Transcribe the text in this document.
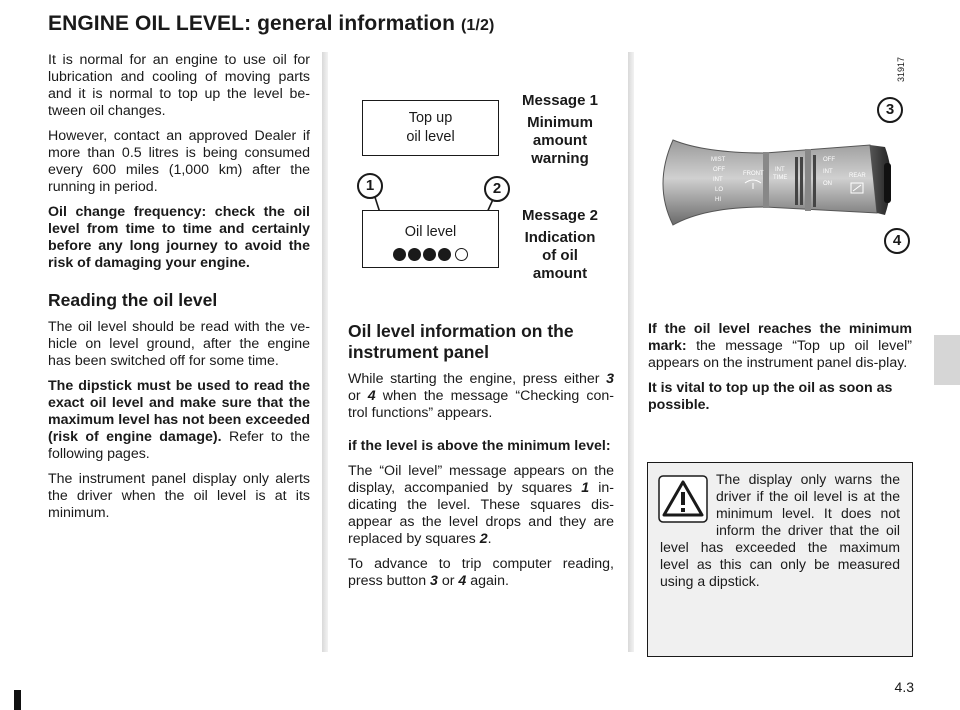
ENGINE OIL LEVEL: general information (1/2)

It is normal for an engine to use oil for lubrication and cooling of moving parts and it is normal to top up the level be-tween oil changes.

However, contact an approved Dealer if more than 0.5 litres is being consumed every 600 miles (1,000 km) after the running in period.

Oil change frequency: check the oil level from time to time and certainly before any long journey to avoid the risk of damaging your engine.

Reading the oil level

The oil level should be read with the ve-hicle on level ground, after the engine has been switched off for some time.

The dipstick must be used to read the exact oil level and make sure that the maximum level has not been exceeded (risk of engine damage). Refer to the following pages.

The instrument panel display only alerts the driver when the oil level is at its minimum.

Top up
oil level
Message 1
Minimum
amount
warning
1	2
Oil level
Message 2
Indication
of oil
amount
Oil level information on the instrument panel

While starting the engine, press either 3 or 4 when the message “Checking con-trol functions” appears.

if the level is above the minimum level:

The “Oil level” message appears on the display, accompanied by squares 1 in-dicating the level. These squares dis-appear as the level drops and they are replaced by squares 2.

To advance to trip computer reading, press button 3 or 4 again.

31917
3
4
MIST
OFF
INT
LO
HI
FRONT
INT
TIME
OFF
INT
ON
REAR

If the oil level reaches the minimum mark: the message “Top up oil level” appears on the instrument panel dis-play.

It is vital to top up the oil as soon as possible.

The display only warns the driver if the oil level is at the minimum level. It does not inform the driver that the oil level has exceeded the maximum level as this can only be measured using a dipstick.
4.3
